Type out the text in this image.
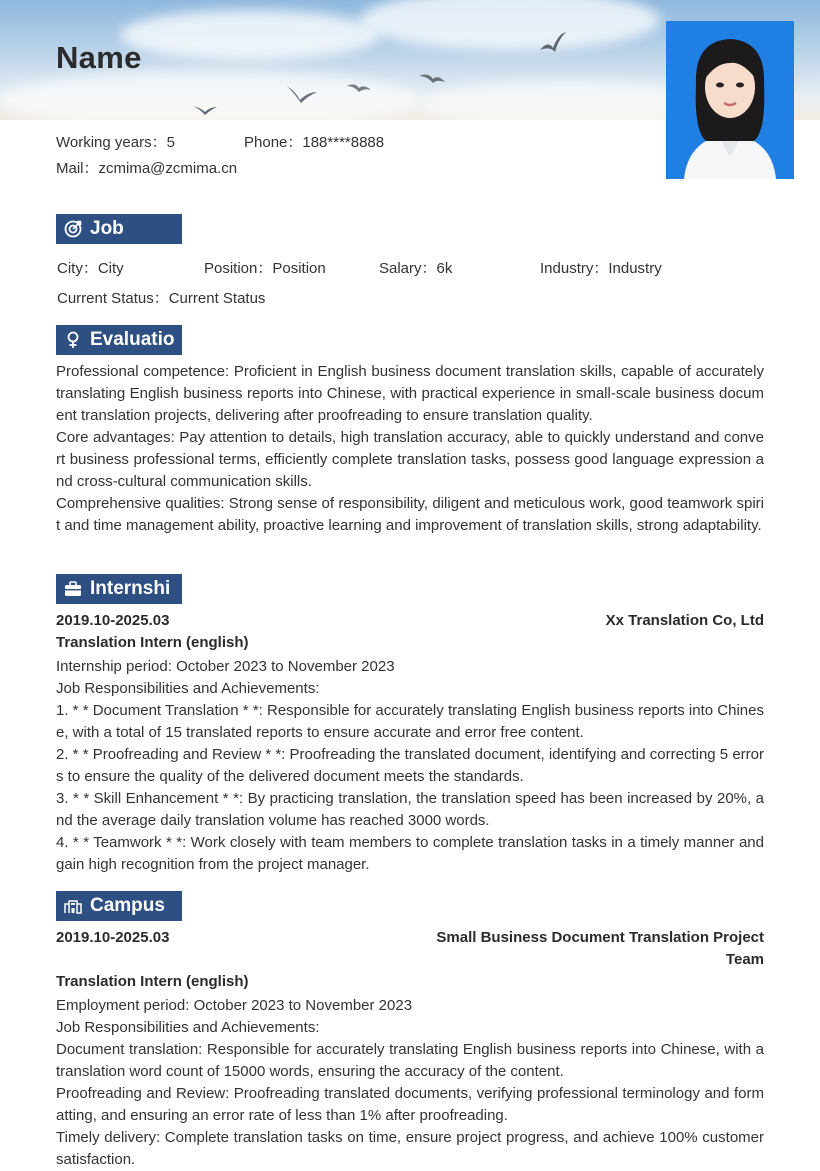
Name
Working years：5	Phone：188****8888
Mail：zcmima@zcmima.cn
Job
City：City	Position：Position	Salary：6k	Industry：Industry
Current Status：Current Status
Evaluatio

Professional competence: Proficient in English business document translation skills, capable of accurately translating English business reports into Chinese, with practical experience in small-scale business document translation projects, delivering after proofreading to ensure translation quality.

Core advantages: Pay attention to details, high translation accuracy, able to quickly understand and convert business professional terms, efficiently complete translation tasks, possess good language expression and cross-cultural communication skills.

Comprehensive qualities: Strong sense of responsibility, diligent and meticulous work, good teamwork spirit and time management ability, proactive learning and improvement of translation skills, strong adaptability.

Internshi
2019.10-2025.03	Xx Translation Co, Ltd
Translation Intern (english)

Internship period: October 2023 to November 2023

Job Responsibilities and Achievements:

1. * * Document Translation * *: Responsible for accurately translating English business reports into Chinese, with a total of 15 translated reports to ensure accurate and error free content.

2. * * Proofreading and Review * *: Proofreading the translated document, identifying and correcting 5 errors to ensure the quality of the delivered document meets the standards.

3. * * Skill Enhancement * *: By practicing translation, the translation speed has been increased by 20%, and the average daily translation volume has reached 3000 words.

4. * * Teamwork * *: Work closely with team members to complete translation tasks in a timely manner and gain high recognition from the project manager.

Campus
2019.10-2025.03	Small Business Document Translation Project Team
Translation Intern (english)

Employment period: October 2023 to November 2023

Job Responsibilities and Achievements:

Document translation: Responsible for accurately translating English business reports into Chinese, with a translation word count of 15000 words, ensuring the accuracy of the content.

Proofreading and Review: Proofreading translated documents, verifying professional terminology and formatting, and ensuring an error rate of less than 1% after proofreading.

Timely delivery: Complete translation tasks on time, ensure project progress, and achieve 100% customer satisfaction.
